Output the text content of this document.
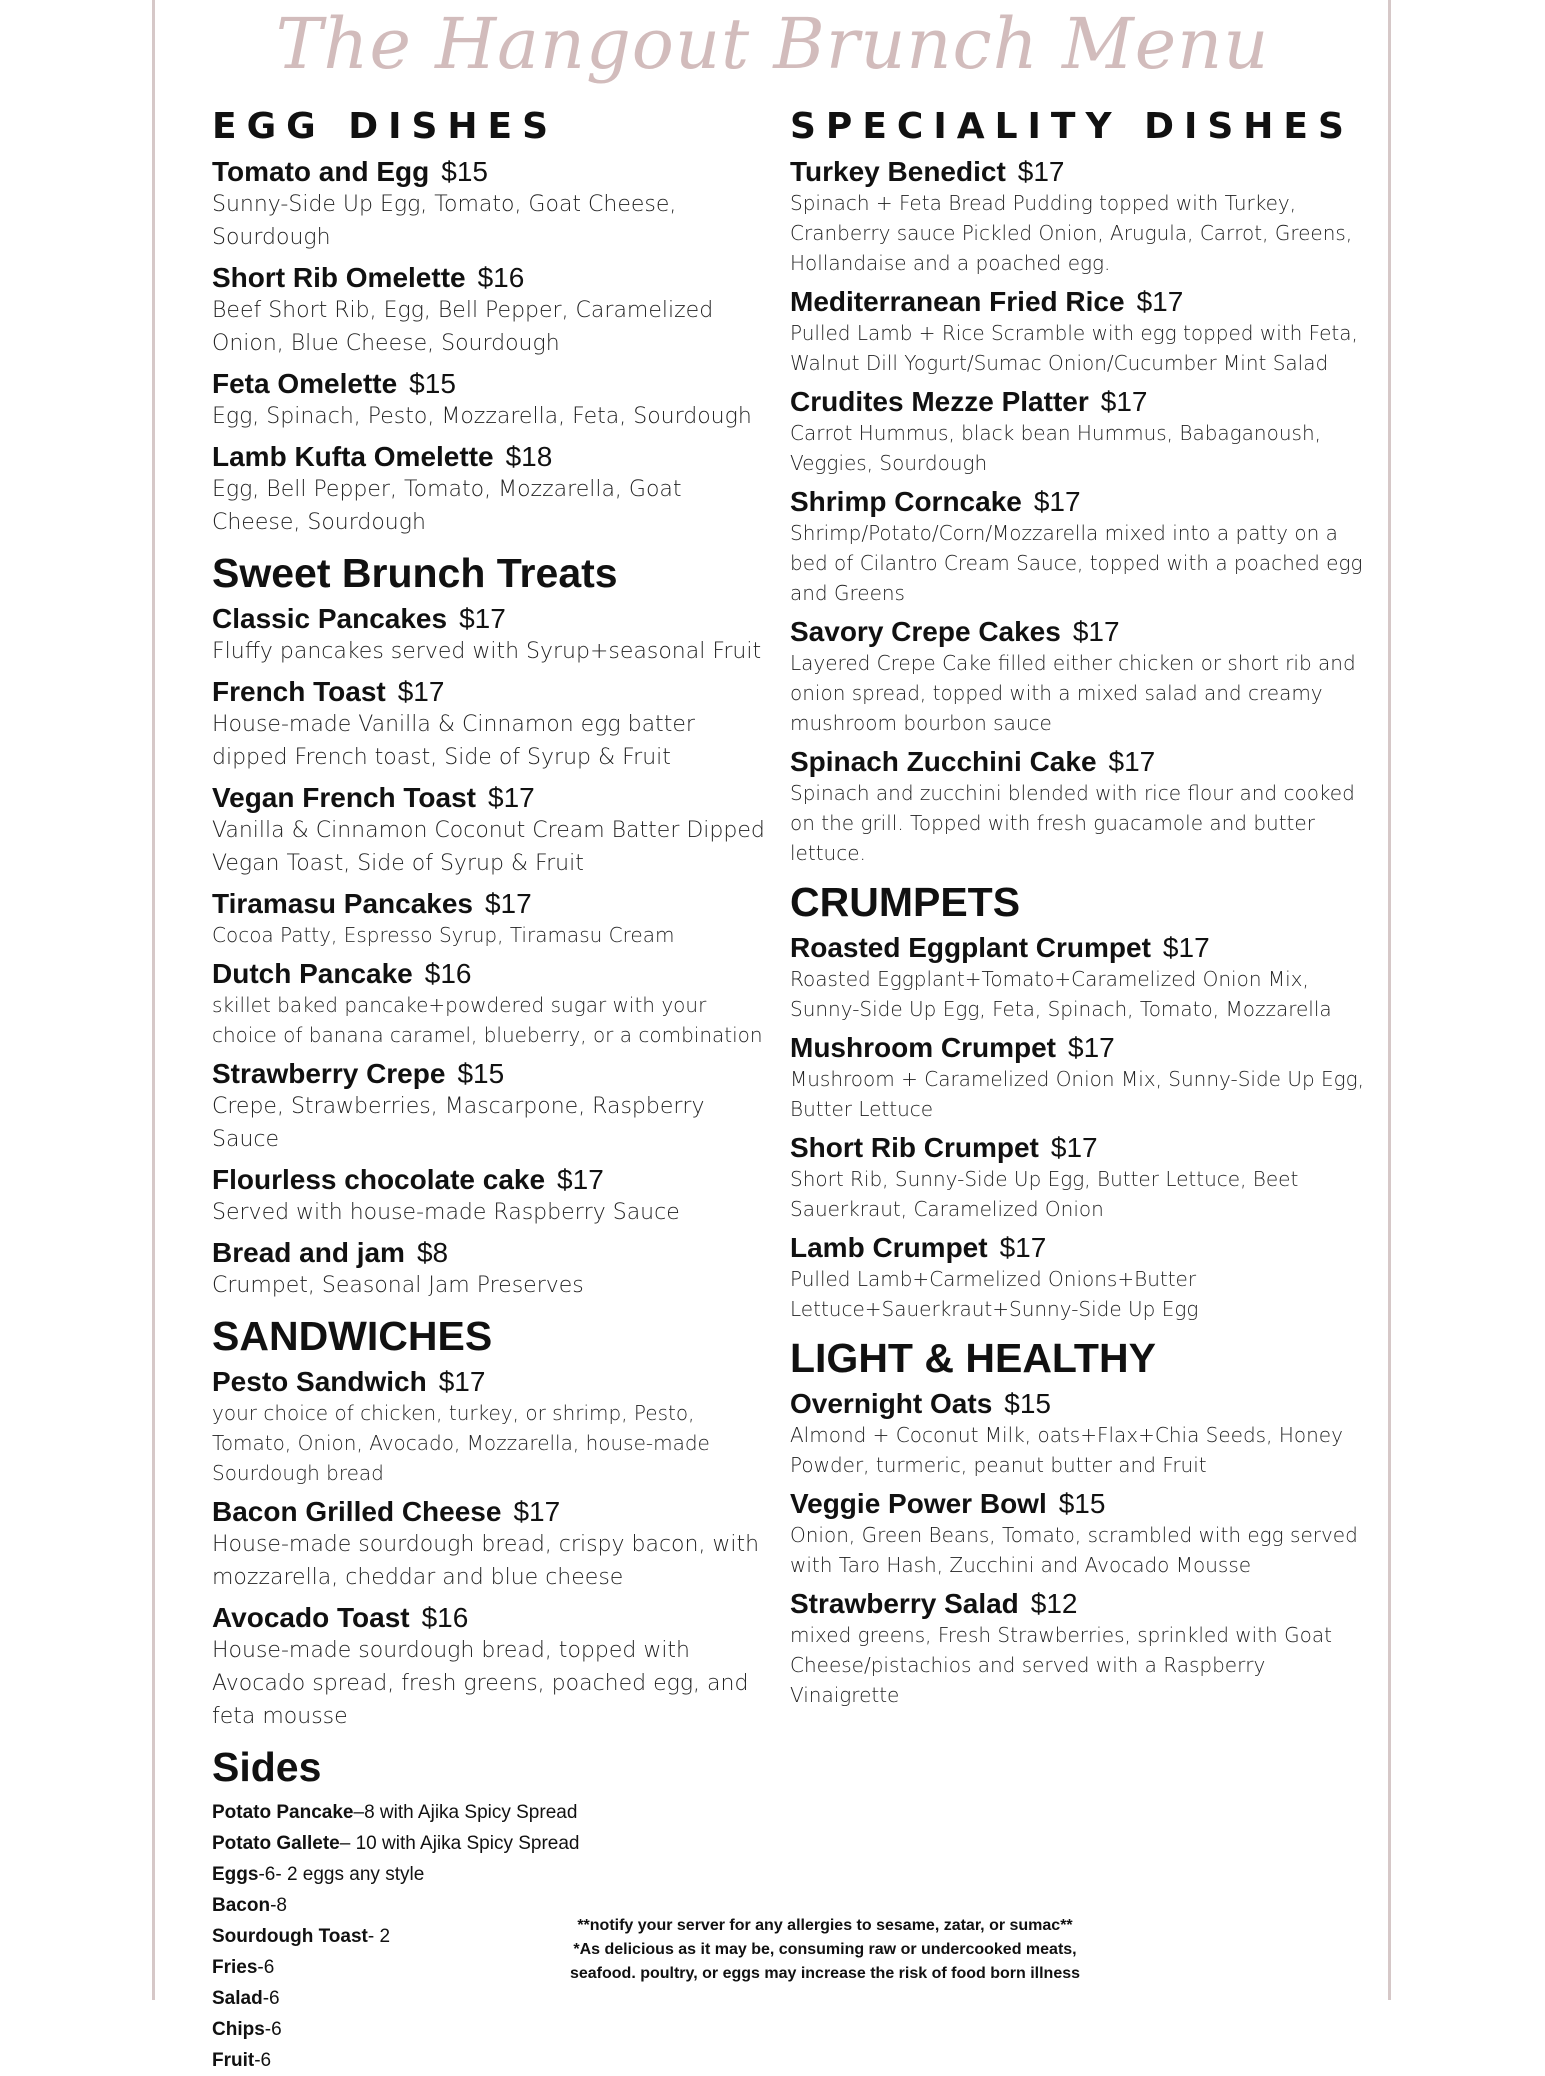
The Hangout Brunch Menu
EGG DISHES
Tomato and Egg $15
Sunny-Side Up Egg, Tomato, Goat Cheese, Sourdough
Short Rib Omelette $16
Beef Short Rib, Egg, Bell Pepper, Caramelized Onion, Blue Cheese, Sourdough
Feta Omelette $15
Egg, Spinach, Pesto, Mozzarella, Feta, Sourdough
Lamb Kufta Omelette $18
Egg, Bell Pepper, Tomato, Mozzarella, Goat Cheese, Sourdough
Sweet Brunch Treats
Classic Pancakes $17
Fluffy pancakes served with Syrup+seasonal Fruit
French Toast $17
House-made Vanilla & Cinnamon egg batter dipped French toast, Side of Syrup & Fruit
Vegan French Toast $17
Vanilla & Cinnamon Coconut Cream Batter Dipped Vegan Toast, Side of Syrup & Fruit
Tiramasu Pancakes $17
Cocoa Patty, Espresso Syrup, Tiramasu Cream
Dutch Pancake $16
skillet baked pancake+powdered sugar with your choice of banana caramel, blueberry, or a combination
Strawberry Crepe $15
Crepe, Strawberries, Mascarpone, Raspberry Sauce
Flourless chocolate cake $17
Served with house-made Raspberry Sauce
Bread and jam $8
Crumpet, Seasonal Jam Preserves
SANDWICHES
Pesto Sandwich $17
your choice of chicken, turkey, or shrimp, Pesto, Tomato, Onion, Avocado, Mozzarella, house-made Sourdough bread
Bacon Grilled Cheese $17
House-made sourdough bread, crispy bacon, with mozzarella, cheddar and blue cheese
Avocado Toast $16
House-made sourdough bread, topped with Avocado spread, fresh greens, poached egg, and feta mousse
Sides
Potato Pancake–8 with Ajika Spicy Spread
Potato Gallete– 10 with Ajika Spicy Spread
Eggs-6- 2 eggs any style
Bacon-8
Sourdough Toast- 2
Fries-6
Salad-6
Chips-6
Fruit-6
SPECIALITY DISHES
Turkey Benedict $17
Spinach + Feta Bread Pudding topped with Turkey, Cranberry sauce Pickled Onion, Arugula, Carrot, Greens, Hollandaise and a poached egg.
Mediterranean Fried Rice $17
Pulled Lamb + Rice Scramble with egg topped with Feta, Walnut Dill Yogurt/Sumac Onion/Cucumber Mint Salad
Crudites Mezze Platter $17
Carrot Hummus, black bean Hummus, Babaganoush, Veggies, Sourdough
Shrimp Corncake $17
Shrimp/Potato/Corn/Mozzarella mixed into a patty on a bed of Cilantro Cream Sauce, topped with a poached egg and Greens
Savory Crepe Cakes $17
Layered Crepe Cake filled either chicken or short rib and onion spread, topped with a mixed salad and creamy mushroom bourbon sauce
Spinach Zucchini Cake $17
Spinach and zucchini blended with rice flour and cooked on the grill. Topped with fresh guacamole and butter lettuce.
CRUMPETS
Roasted Eggplant Crumpet $17
Roasted Eggplant+Tomato+Caramelized Onion Mix, Sunny-Side Up Egg, Feta, Spinach, Tomato, Mozzarella
Mushroom Crumpet $17
Mushroom + Caramelized Onion Mix, Sunny-Side Up Egg, Butter Lettuce
Short Rib Crumpet $17
Short Rib, Sunny-Side Up Egg, Butter Lettuce, Beet Sauerkraut, Caramelized Onion
Lamb Crumpet $17
Pulled Lamb+Carmelized Onions+Butter Lettuce+Sauerkraut+Sunny-Side Up Egg
LIGHT & HEALTHY
Overnight Oats $15
Almond + Coconut Milk, oats+Flax+Chia Seeds, Honey Powder, turmeric, peanut butter and Fruit
Veggie Power Bowl $15
Onion, Green Beans, Tomato, scrambled with egg served with Taro Hash, Zucchini and Avocado Mousse
Strawberry Salad $12
mixed greens, Fresh Strawberries, sprinkled with Goat Cheese/pistachios and served with a Raspberry Vinaigrette
**notify your server for any allergies to sesame, zatar, or sumac**
*As delicious as it may be, consuming raw or undercooked meats,
seafood. poultry, or eggs may increase the risk of food born illness
